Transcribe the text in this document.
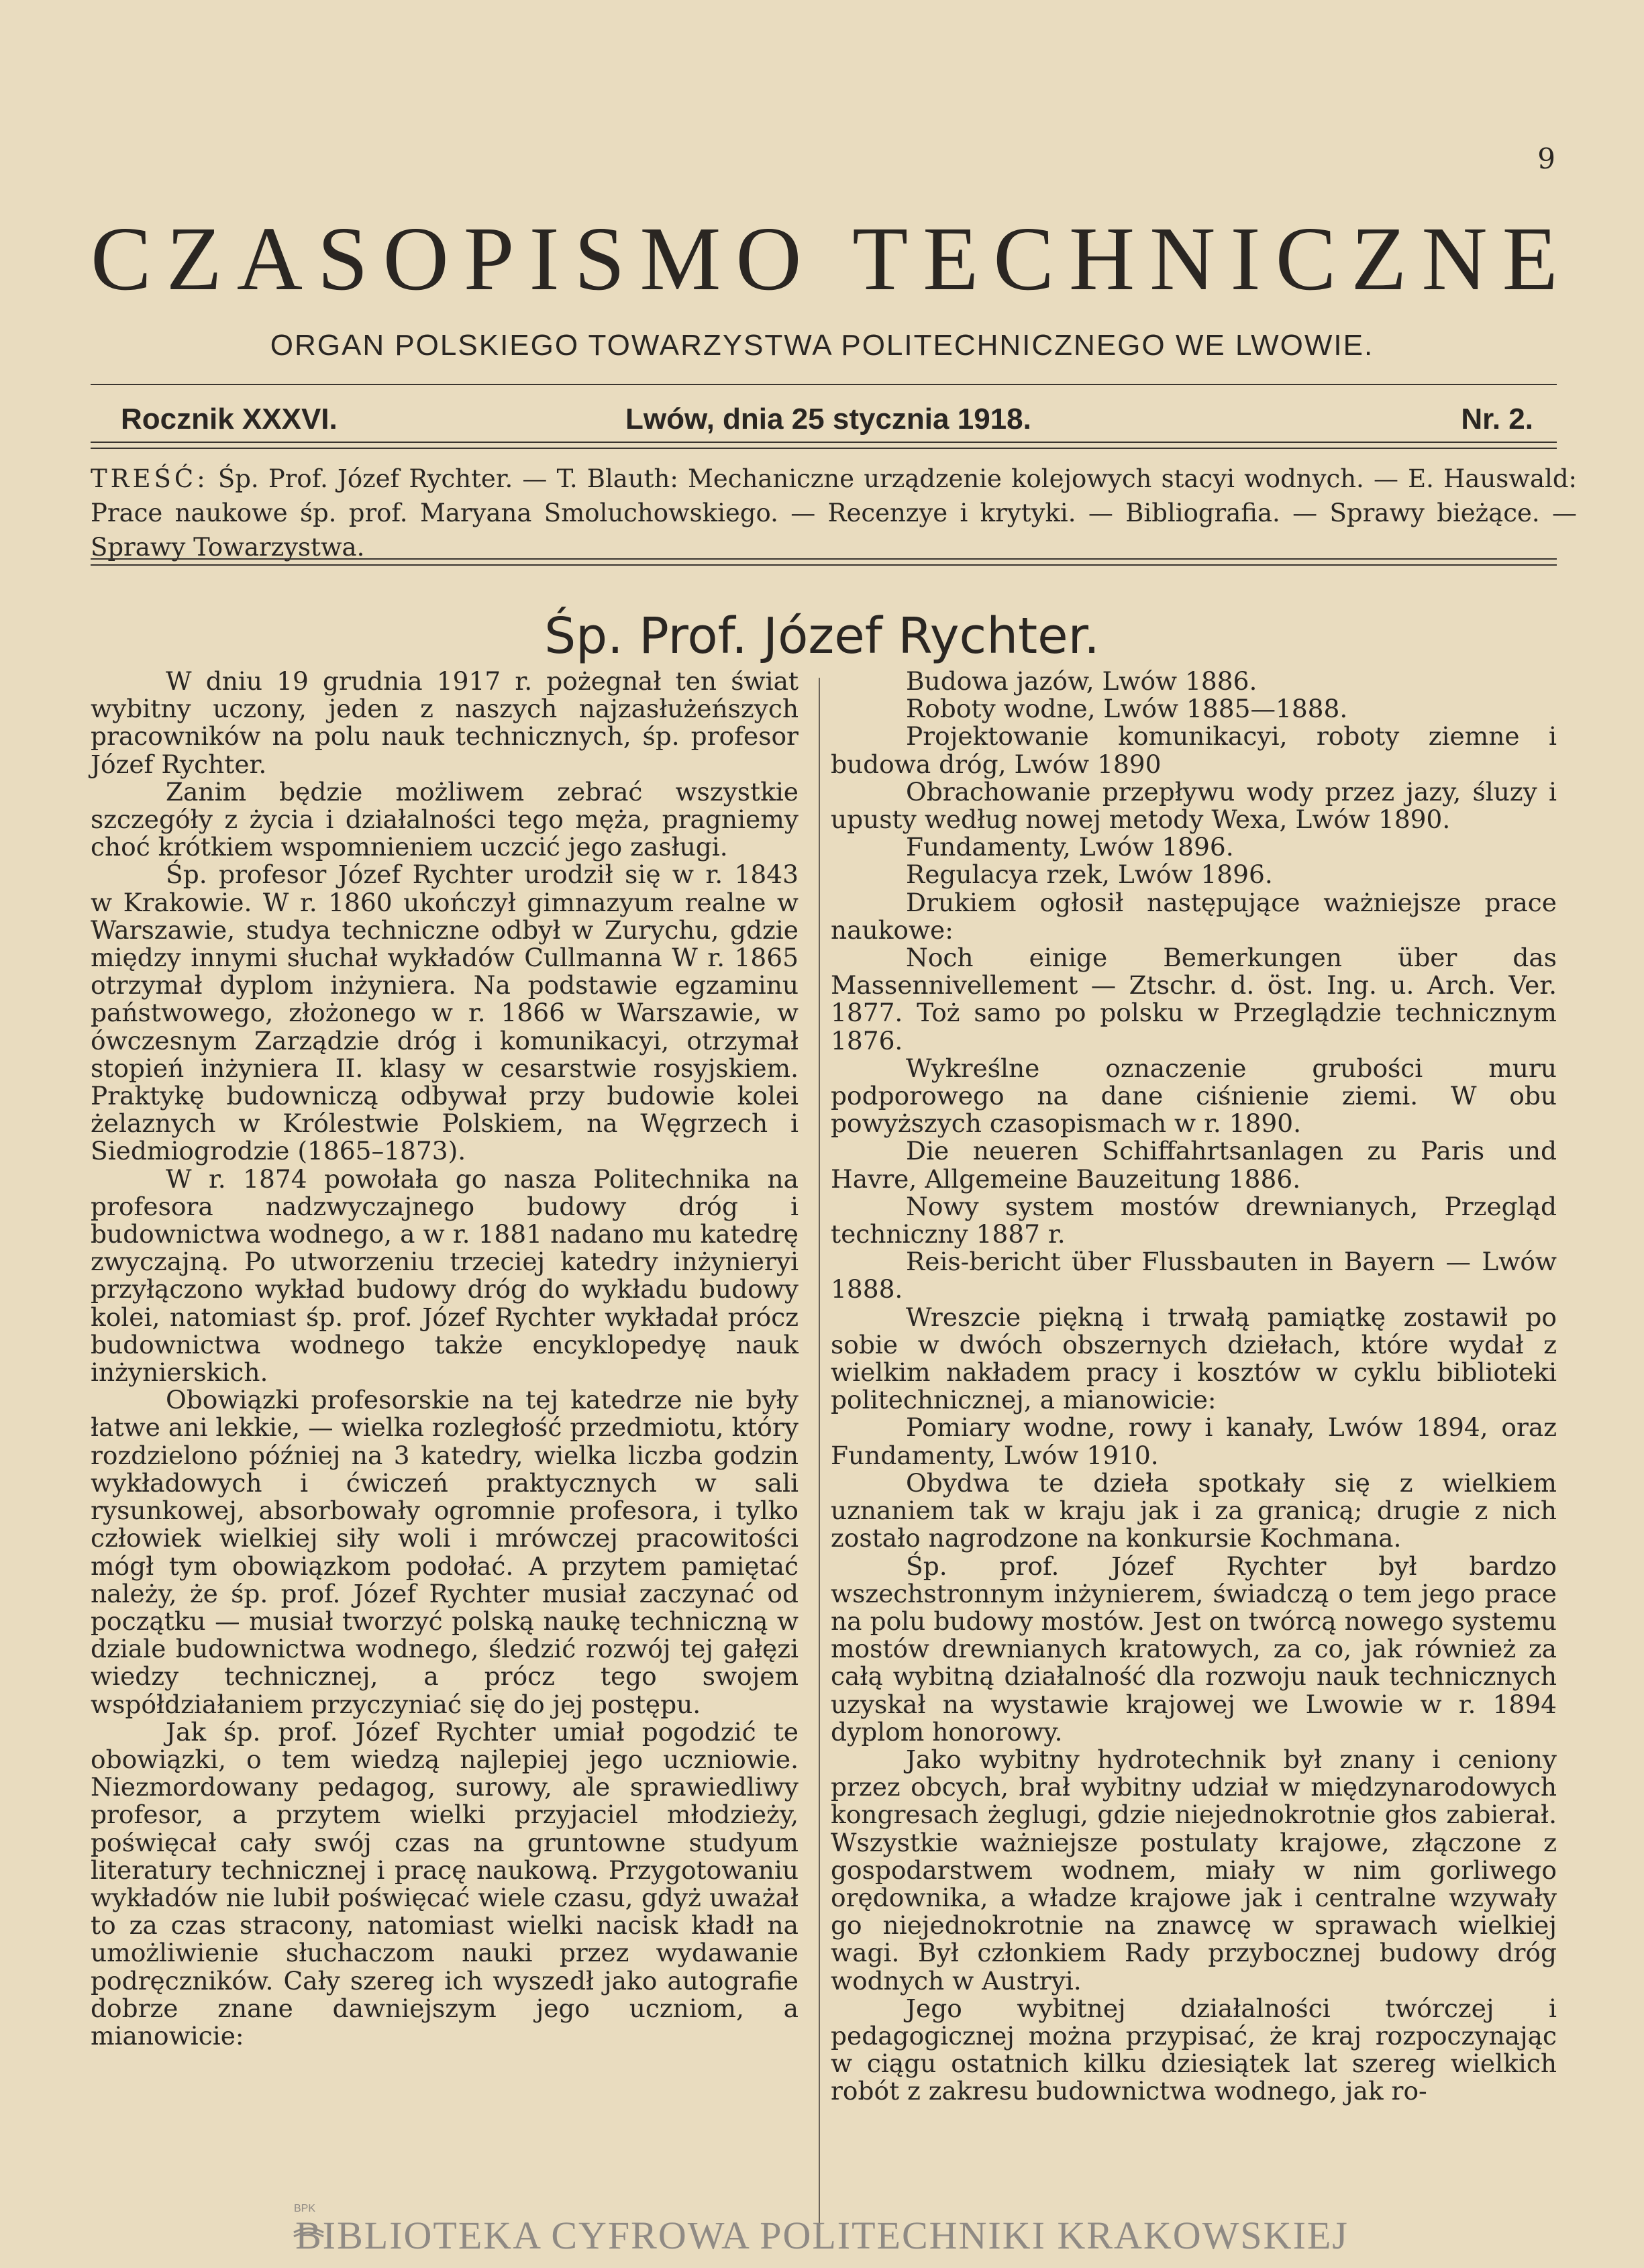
9
CZASOPISMO TECHNICZNE
ORGAN POLSKIEGO TOWARZYSTWA POLITECHNICZNEGO WE LWOWIE.
Rocznik XXXVI.	Lwów, dnia 25 stycznia 1918.	Nr. 2.
TREŚĆ: Śp. Prof. Józef Rychter. — T. Blauth: Mechaniczne urządzenie kolejowych stacyi wodnych. — E. Hauswald: Prace naukowe śp. prof. Maryana Smoluchowskiego. — Recenzye i krytyki. — Bibliografia. — Sprawy bieżące. — Sprawy Towarzystwa.
Śp. Prof. Józef Rychter.

W dniu 19 grudnia 1917 r. pożegnał ten świat wybitny uczony, jeden z naszych najzasłużeńszych pracowników na polu nauk technicznych, śp. profesor Józef Rychter.

Zanim będzie możliwem zebrać wszystkie szczegóły z życia i działalności tego męża, pragniemy choć krótkiem wspomnieniem uczcić jego zasługi.

Śp. profesor Józef Rychter urodził się w r. 1843 w Krakowie. W r. 1860 ukończył gimnazyum realne w Warszawie, studya techniczne odbył w Zurychu, gdzie między innymi słuchał wykładów Cullmanna W r. 1865 otrzymał dyplom inżyniera. Na podstawie egzaminu państwowego, złożonego w r. 1866 w Warszawie, w ówczesnym Zarządzie dróg i komunikacyi, otrzymał stopień inżyniera II. klasy w cesarstwie rosyjskiem. Praktykę budowniczą odbywał przy budowie kolei żelaznych w Królestwie Polskiem, na Węgrzech i Siedmiogrodzie (1865–1873).

W r. 1874 powołała go nasza Politechnika na profesora nadzwyczajnego budowy dróg i budownictwa wodnego, a w r. 1881 nadano mu katedrę zwyczajną. Po utworzeniu trzeciej katedry inżynieryi przyłączono wykład budowy dróg do wykładu budowy kolei, natomiast śp. prof. Józef Rychter wykładał prócz budownictwa wodnego także encyklopedyę nauk inżynierskich.

Obowiązki profesorskie na tej katedrze nie były łatwe ani lekkie, — wielka rozległość przedmiotu, który rozdzielono później na 3 katedry, wielka liczba godzin wykładowych i ćwiczeń praktycznych w sali rysunkowej, absorbowały ogromnie profesora, i tylko człowiek wielkiej siły woli i mrówczej pracowitości mógł tym obowiązkom podołać. A przytem pamiętać należy, że śp. prof. Józef Rychter musiał zaczynać od początku — musiał tworzyć polską naukę techniczną w dziale budownictwa wodnego, śledzić rozwój tej gałęzi wiedzy technicznej, a prócz tego swojem współdziałaniem przyczyniać się do jej postępu.

Jak śp. prof. Józef Rychter umiał pogodzić te obowiązki, o tem wiedzą najlepiej jego uczniowie. Niezmordowany pedagog, surowy, ale sprawiedliwy profesor, a przytem wielki przyjaciel młodzieży, poświęcał cały swój czas na gruntowne studyum literatury technicznej i pracę naukową. Przygotowaniu wykładów nie lubił poświęcać wiele czasu, gdyż uważał to za czas stracony, natomiast wielki nacisk kładł na umożliwienie słuchaczom nauki przez wydawanie podręczników. Cały szereg ich wyszedł jako autografie dobrze znane dawniejszym jego uczniom, a mianowicie:

Budowa jazów, Lwów 1886.

Roboty wodne, Lwów 1885—1888.

Projektowanie komunikacyi, roboty ziemne i budowa dróg, Lwów 1890

Obrachowanie przepływu wody przez jazy, śluzy i upusty według nowej metody Wexa, Lwów 1890.

Fundamenty, Lwów 1896.

Regulacya rzek, Lwów 1896.

Drukiem ogłosił następujące ważniejsze prace naukowe:

Noch einige Bemerkungen über das Massennivellement — Ztschr. d. öst. Ing. u. Arch. Ver. 1877. Toż samo po polsku w Przeglądzie technicznym 1876.

Wykreślne oznaczenie grubości muru podporowego na dane ciśnienie ziemi. W obu powyższych czasopismach w r. 1890.

Die neueren Schiffahrtsanlagen zu Paris und Havre, Allgemeine Bauzeitung 1886.

Nowy system mostów drewnianych, Przegląd techniczny 1887 r.

Reis-bericht über Flussbauten in Bayern — Lwów 1888.

Wreszcie piękną i trwałą pamiątkę zostawił po sobie w dwóch obszernych dziełach, które wydał z wielkim nakładem pracy i kosztów w cyklu biblioteki politechnicznej, a mianowicie:

Pomiary wodne, rowy i kanały, Lwów 1894, oraz Fundamenty, Lwów 1910.

Obydwa te dzieła spotkały się z wielkiem uznaniem tak w kraju jak i za granicą; drugie z nich zostało nagrodzone na konkursie Kochmana.

Śp. prof. Józef Rychter był bardzo wszechstronnym inżynierem, świadczą o tem jego prace na polu budowy mostów. Jest on twórcą nowego systemu mostów drewnianych kratowych, za co, jak również za całą wybitną działalność dla rozwoju nauk technicznych uzyskał na wystawie krajowej we Lwowie w r. 1894 dyplom honorowy.

Jako wybitny hydrotechnik był znany i ceniony przez obcych, brał wybitny udział w międzynarodowych kongresach żeglugi, gdzie niejednokrotnie głos zabierał. Wszystkie ważniejsze postulaty krajowe, złączone z gospodarstwem wodnem, miały w nim gorliwego orędownika, a władze krajowe jak i centralne wzywały go niejednokrotnie na znawcę w sprawach wielkiej wagi. Był członkiem Rady przybocznej budowy dróg wodnych w Austryi.

Jego wybitnej działalności twórczej i pedagogicznej można przypisać, że kraj rozpoczynając w ciągu ostatnich kilku dziesiątek lat szereg wielkich robót z zakresu budownictwa wodnego, jak ro-

BPK
BIBLIOTEKA CYFROWA POLITECHNIKI KRAKOWSKIEJ
